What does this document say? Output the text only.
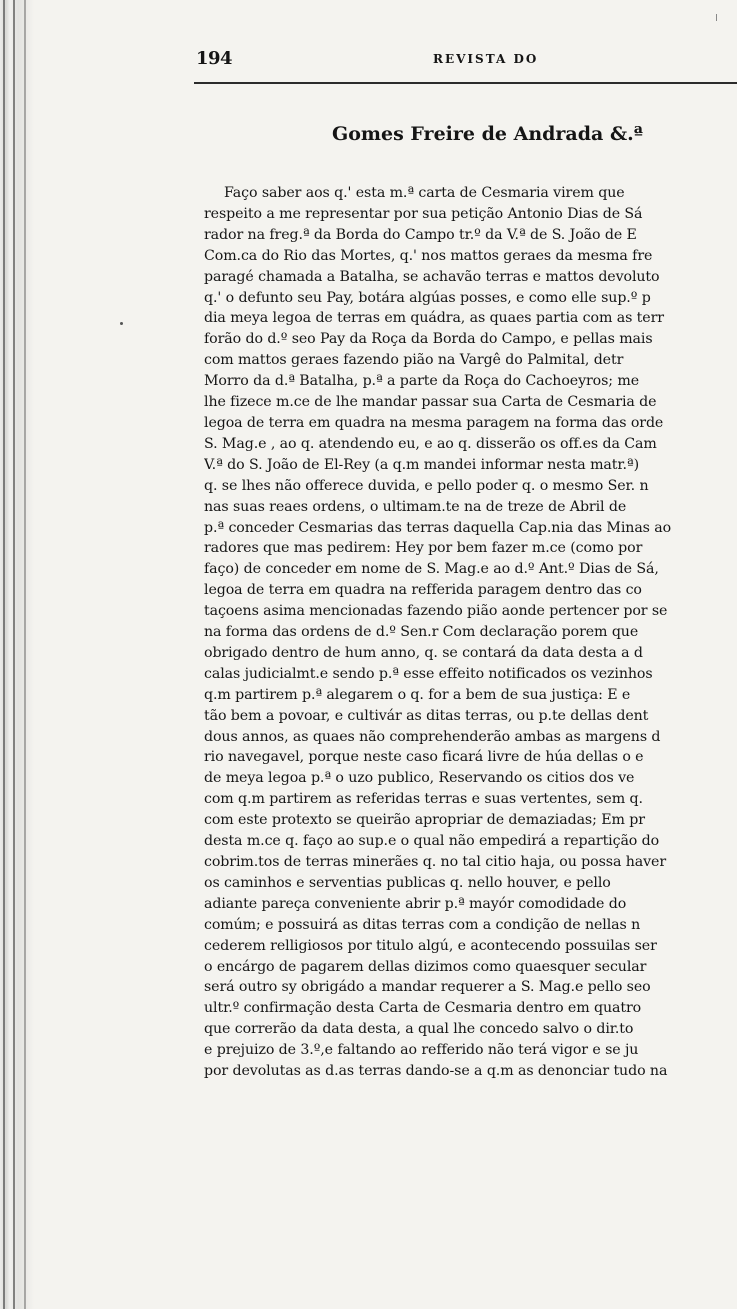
194	REVISTA DO
Gomes Freire de Andrada &.ª
Faço saber aos q.' esta m.ª carta de Cesmaria virem que
respeito a me representar por sua petição Antonio Dias de Sá
rador na freg.ª da Borda do Campo tr.º da V.ª de S. João de E
Com.ca do Rio das Mortes, q.' nos mattos geraes da mesma fre
paragé chamada a Batalha, se achavão terras e mattos devoluto
q.' o defunto seu Pay, botára algúas posses, e como elle sup.º p
dia meya legoa de terras em quádra, as quaes partia com as terr
forão do d.º seo Pay da Roça da Borda do Campo, e pellas mais
com mattos geraes fazendo pião na Vargê do Palmital, detr
Morro da d.ª Batalha, p.ª a parte da Roça do Cachoeyros; me
lhe fizece m.ce de lhe mandar passar sua Carta de Cesmaria de
legoa de terra em quadra na mesma paragem na forma das orde
S. Mag.e , ao q. atendendo eu, e ao q. disserão os off.es da Cam
V.ª do S. João de El-Rey (a q.m mandei informar nesta matr.ª)
q. se lhes não offerece duvida, e pello poder q. o mesmo Ser. n
nas suas reaes ordens, o ultimam.te na de treze de Abril de
p.ª conceder Cesmarias das terras daquella Cap.nia das Minas ao
radores que mas pedirem: Hey por bem fazer m.ce (como por
faço) de conceder em nome de S. Mag.e ao d.º Ant.º Dias de Sá,
legoa de terra em quadra na refferida paragem dentro das co
taçoens asima mencionadas fazendo pião aonde pertencer por se
na forma das ordens de d.º Sen.r Com declaração porem que
obrigado dentro de hum anno, q. se contará da data desta a d
calas judicialmt.e sendo p.ª esse effeito notificados os vezinhos
q.m partirem p.ª alegarem o q. for a bem de sua justiça: E e
tão bem a povoar, e cultivár as ditas terras, ou p.te dellas dent
dous annos, as quaes não comprehenderão ambas as margens d
rio navegavel, porque neste caso ficará livre de húa dellas o e
de meya legoa p.ª o uzo publico, Reservando os citios dos ve
com q.m partirem as referidas terras e suas vertentes, sem q.
com este protexto se queirão apropriar de demaziadas; Em pr
desta m.ce q. faço ao sup.e o qual não empedirá a repartição do
cobrim.tos de terras minerães q. no tal citio haja, ou possa haver
os caminhos e serventias publicas q. nello houver, e pello
adiante pareça conveniente abrir p.ª mayór comodidade do
comúm; e possuirá as ditas terras com a condição de nellas n
cederem relligiosos por titulo algú, e acontecendo possuilas ser
o encárgo de pagarem dellas dizimos como quaesquer secular
será outro sy obrigádo a mandar requerer a S. Mag.e pello seo
ultr.º confirmação desta Carta de Cesmaria dentro em quatro
que correrão da data desta, a qual lhe concedo salvo o dir.to
e prejuizo de 3.º,e faltando ao refferido não terá vigor e se ju
por devolutas as d.as terras dando-se a q.m as denonciar tudo na
